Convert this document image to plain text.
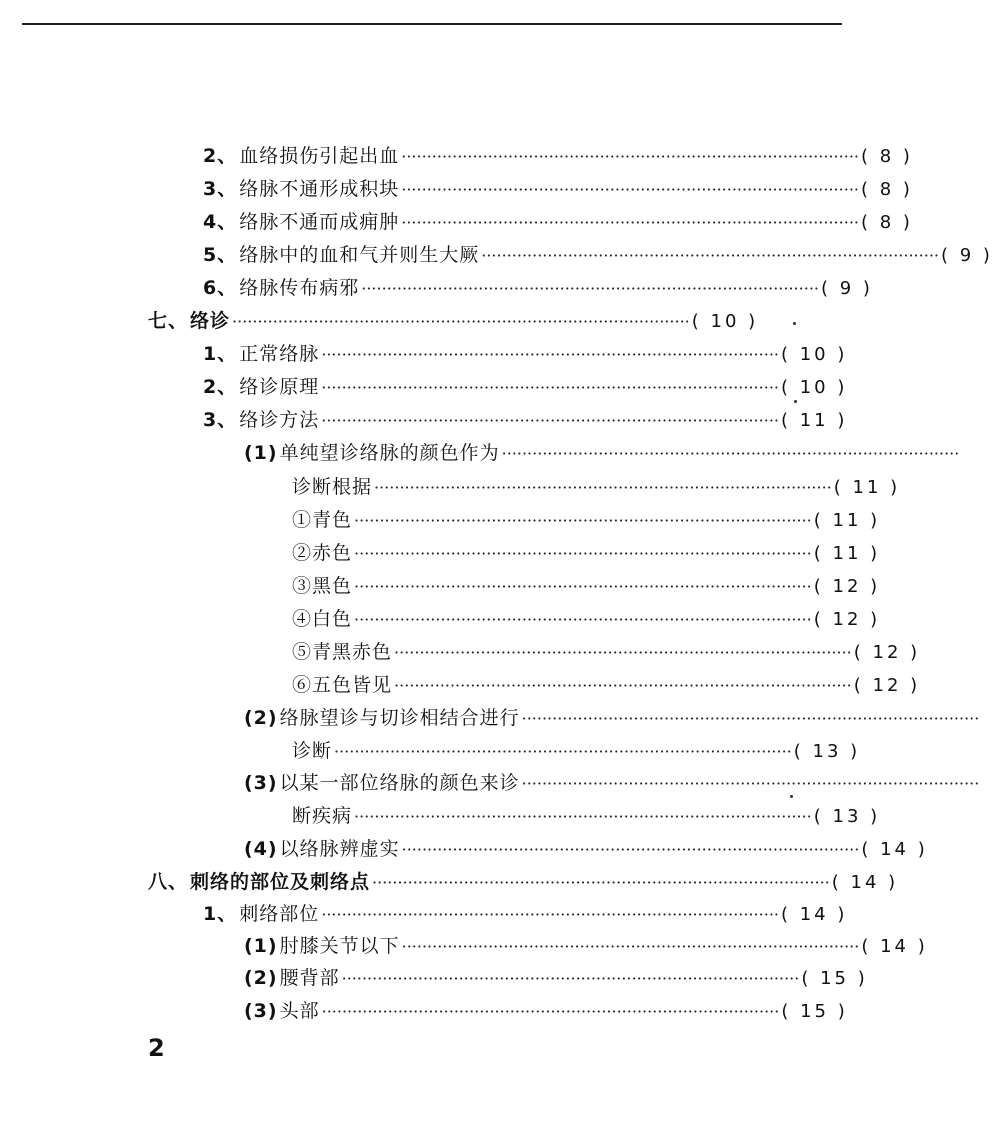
2、 血络损伤引起出血 ·························································································· ( 8 )
3、 络脉不通形成积块 ·························································································· ( 8 )
4、 络脉不通而成痈肿 ·························································································· ( 8 )
5、 络脉中的血和气并则生大厥 ·························································································· ( 9 )
6、 络脉传布病邪 ·························································································· ( 9 )
七、 络诊 ·························································································· ( 10 )
1、 正常络脉 ·························································································· ( 10 )
2、 络诊原理 ·························································································· ( 10 )
3、 络诊方法 ·························································································· ( 11 )
(1) 单纯望诊络脉的颜色作为 ··························································································
诊断根据 ·························································································· ( 11 )
①青色 ·························································································· ( 11 )
②赤色 ·························································································· ( 11 )
③黑色 ·························································································· ( 12 )
④白色 ·························································································· ( 12 )
⑤青黑赤色 ·························································································· ( 12 )
⑥五色皆见 ·························································································· ( 12 )
(2) 络脉望诊与切诊相结合进行 ··························································································
诊断 ·························································································· ( 13 )
(3) 以某一部位络脉的颜色来诊 ··························································································
断疾病 ·························································································· ( 13 )
(4) 以络脉辨虚实 ·························································································· ( 14 )
八、 刺络的部位及刺络点 ·························································································· ( 14 )
1、 刺络部位 ·························································································· ( 14 )
(1) 肘膝关节以下 ·························································································· ( 14 )
(2) 腰背部 ·························································································· ( 15 )
(3) 头部 ·························································································· ( 15 )
2
